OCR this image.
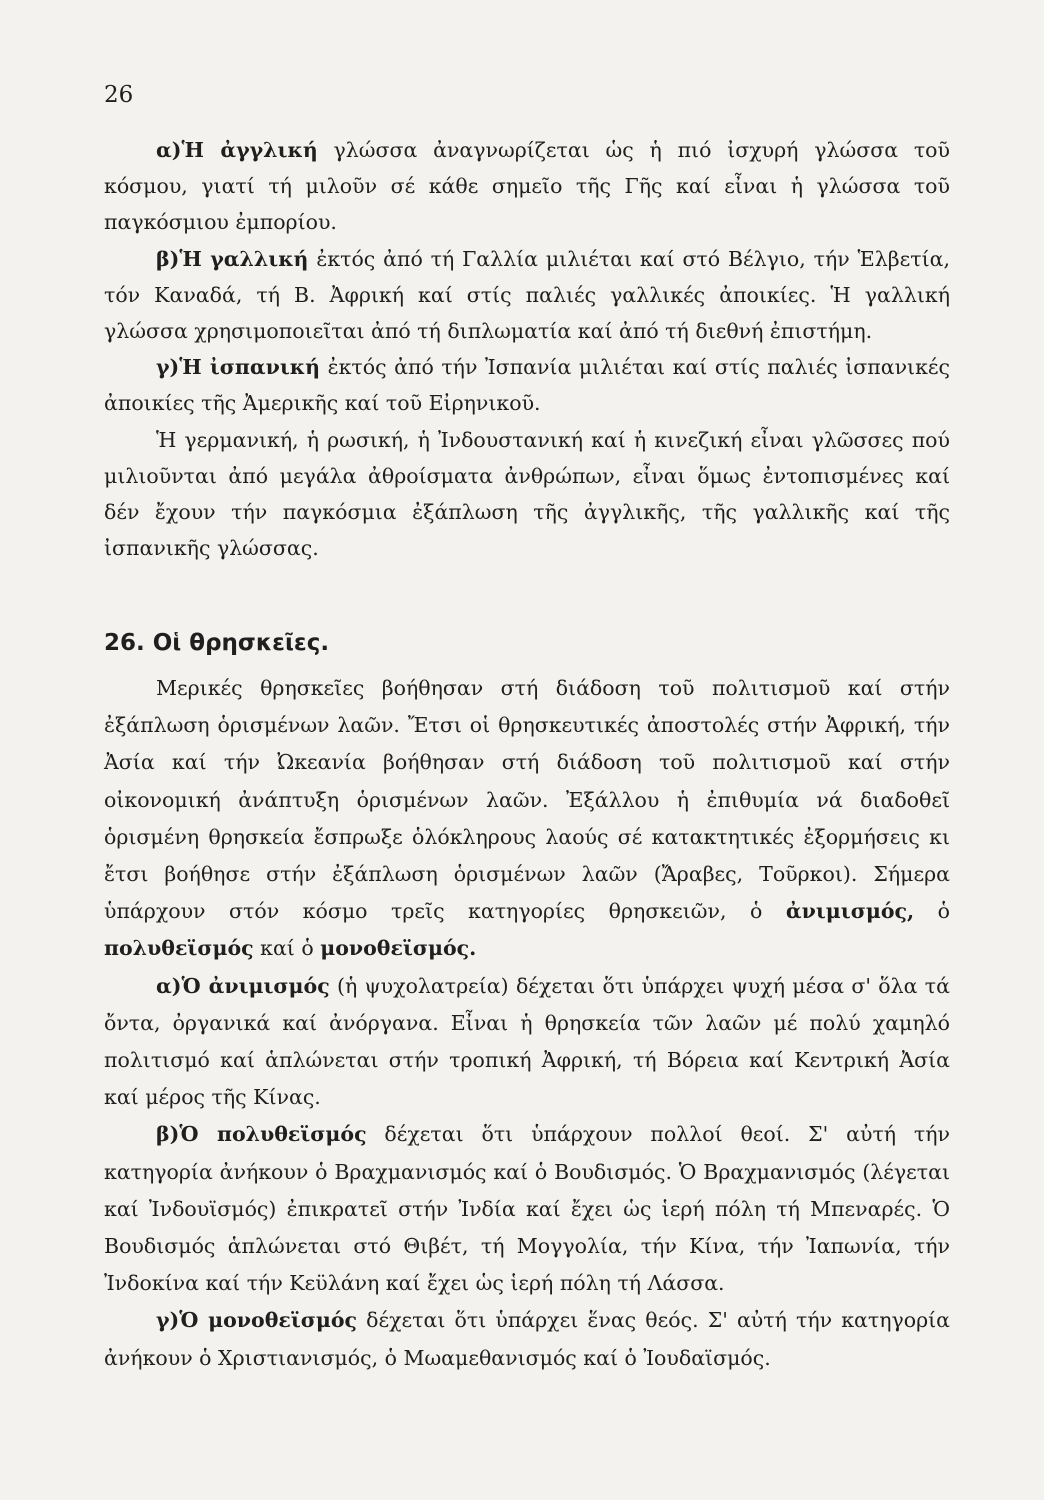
26

α)Ἡ ἀγγλική γλώσσα ἀναγνωρίζεται ὡς ἡ πιό ἰσχυρή γλώσσα τοῦ κόσμου, γιατί τή μιλοῦν σέ κάθε σημεῖο τῆς Γῆς καί εἶναι ἡ γλώσσα τοῦ παγκόσμιου ἐμπορίου.

β)Ἡ γαλλική ἐκτός ἀπό τή Γαλλία μιλιέται καί στό Βέλγιο, τήν Ἑλβετία, τόν Καναδά, τή Β. Ἀφρική καί στίς παλιές γαλλικές ἀποικίες. Ἡ γαλλική γλώσσα χρησιμοποιεῖται ἀπό τή διπλωματία καί ἀπό τή διεθνή ἐπιστήμη.

γ)Ἡ ἰσπανική ἐκτός ἀπό τήν Ἰσπανία μιλιέται καί στίς παλιές ἰσπανικές ἀποικίες τῆς Ἀμερικῆς καί τοῦ Εἰρηνικοῦ.

Ἡ γερμανική, ἡ ρωσική, ἡ Ἰνδουστανική καί ἡ κινεζική εἶναι γλῶσσες πού μιλιοῦνται ἀπό μεγάλα ἀθροίσματα ἀνθρώπων, εἶναι ὅμως ἐντοπισμένες καί δέν ἔχουν τήν παγκόσμια ἐξάπλωση τῆς ἀγγλικῆς, τῆς γαλλικῆς καί τῆς ἰσπανικῆς γλώσσας.

26. Οἱ θρησκεῖες.

Μερικές θρησκεῖες βοήθησαν στή διάδοση τοῦ πολιτισμοῦ καί στήν ἐξάπλωση ὁρισμένων λαῶν. Ἔτσι οἱ θρησκευτικές ἀποστολές στήν Ἀφρική, τήν Ἀσία καί τήν Ὠκεανία βοήθησαν στή διάδοση τοῦ πολιτισμοῦ καί στήν οἰκονομική ἀνάπτυξη ὁρισμένων λαῶν. Ἐξάλλου ἡ ἐπιθυμία νά διαδοθεῖ ὁρισμένη θρησκεία ἔσπρωξε ὁλόκληρους λαούς σέ κατακτητικές ἐξορμήσεις κι ἔτσι βοήθησε στήν ἐξάπλωση ὁρισμένων λαῶν (Ἄραβες, Τοῦρκοι). Σήμερα ὑπάρχουν στόν κόσμο τρεῖς κατηγορίες θρησκειῶν, ὁ ἀνιμισμός, ὁ πολυθεϊσμός καί ὁ μονοθεϊσμός.

α)Ὁ ἀνιμισμός (ἡ ψυχολατρεία) δέχεται ὅτι ὑπάρχει ψυχή μέσα σ' ὅλα τά ὄντα, ὀργανικά καί ἀνόργανα. Εἶναι ἡ θρησκεία τῶν λαῶν μέ πολύ χαμηλό πολιτισμό καί ἁπλώνεται στήν τροπική Ἀφρική, τή Βόρεια καί Κεντρική Ἀσία καί μέρος τῆς Κίνας.

β)Ὁ πολυθεϊσμός δέχεται ὅτι ὑπάρχουν πολλοί θεοί. Σ' αὐτή τήν κατηγορία ἀνήκουν ὁ Βραχμανισμός καί ὁ Βουδισμός. Ὁ Βραχμανισμός (λέγεται καί Ἰνδουϊσμός) ἐπικρατεῖ στήν Ἰνδία καί ἔχει ὡς ἱερή πόλη τή Μπεναρές. Ὁ Βουδισμός ἁπλώνεται στό Θιβέτ, τή Μογγολία, τήν Κίνα, τήν Ἰαπωνία, τήν Ἰνδοκίνα καί τήν Κεϋλάνη καί ἔχει ὡς ἱερή πόλη τή Λάσσα.

γ)Ὁ μονοθεϊσμός δέχεται ὅτι ὑπάρχει ἕνας θεός. Σ' αὐτή τήν κατηγορία ἀνήκουν ὁ Χριστιανισμός, ὁ Μωαμεθανισμός καί ὁ Ἰουδαϊσμός.
